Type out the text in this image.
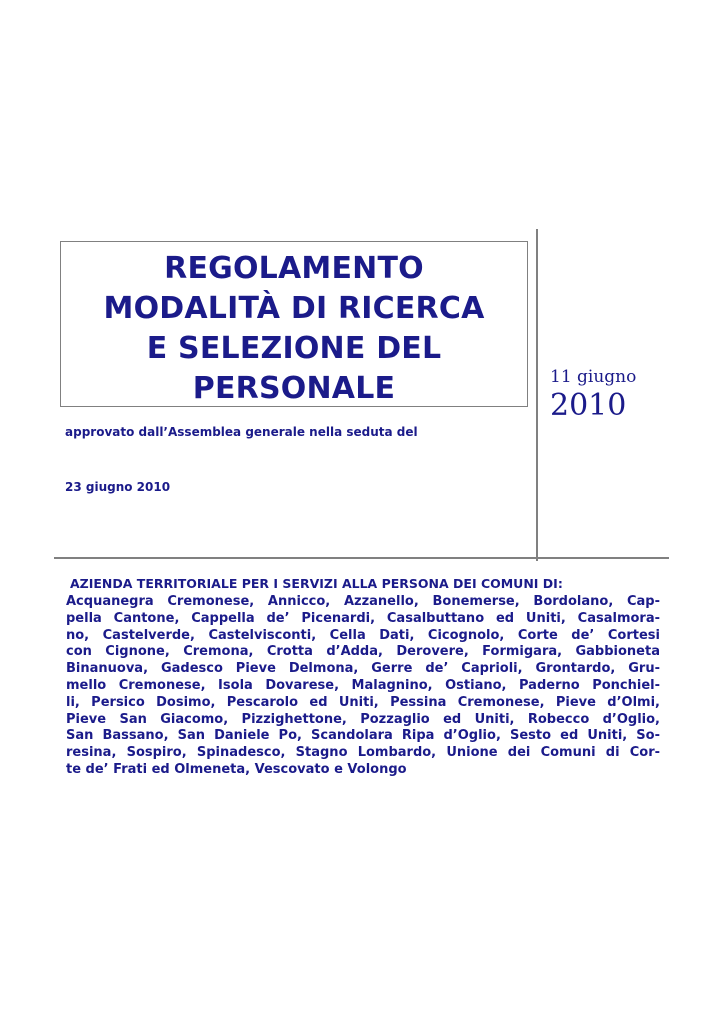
REGOLAMENTO
MODALITÀ DI RICERCA
E SELEZIONE DEL
PERSONALE	11 giugno
2010
approvato dall’Assemblea generale nella seduta del
23 giugno 2010
AZIENDA TERRITORIALE PER I SERVIZI ALLA PERSONA DEI COMUNI DI:
Acquanegra Cremonese, Annicco, Azzanello, Bonemerse, Bordolano, Cap-
pella Cantone, Cappella de’ Picenardi, Casalbuttano ed Uniti, Casalmora-
no, Castelverde, Castelvisconti, Cella Dati, Cicognolo, Corte de’ Cortesi
con Cignone, Cremona, Crotta d’Adda, Derovere, Formigara, Gabbioneta
Binanuova, Gadesco Pieve Delmona, Gerre de’ Caprioli, Grontardo, Gru-
mello Cremonese, Isola Dovarese, Malagnino, Ostiano, Paderno Ponchiel-
li, Persico Dosimo, Pescarolo ed Uniti, Pessina Cremonese, Pieve d’Olmi,
Pieve San Giacomo, Pizzighettone, Pozzaglio ed Uniti, Robecco d’Oglio,
San Bassano, San Daniele Po, Scandolara Ripa d’Oglio, Sesto ed Uniti, So-
resina, Sospiro, Spinadesco, Stagno Lombardo, Unione dei Comuni di Cor-
te de’ Frati ed Olmeneta, Vescovato e Volongo
